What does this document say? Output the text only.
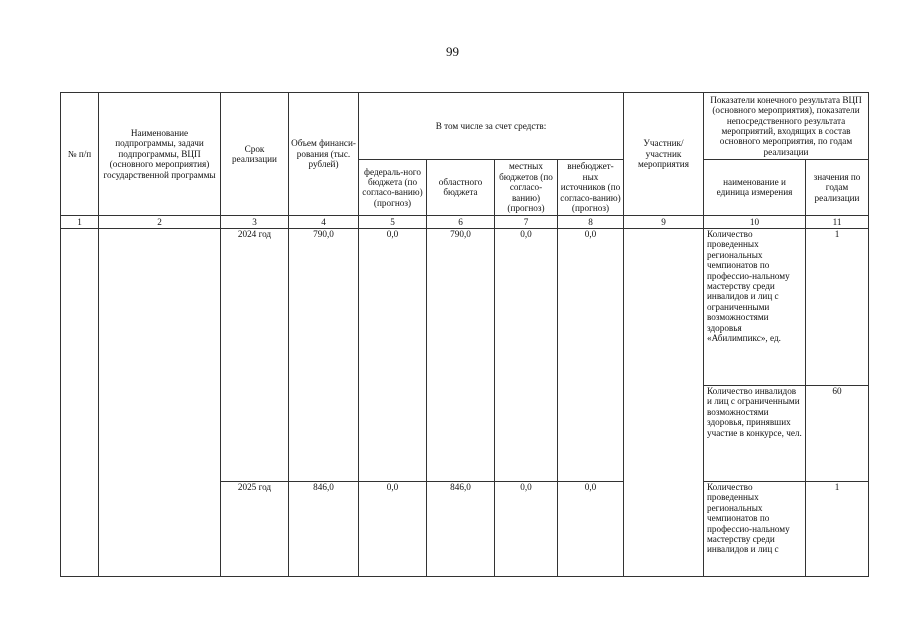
99
№ п/п	Наименование подпрограммы, задачи подпрограммы, ВЦП (основного мероприятия) государственной программы	Срок реализации	Объем финанси-рования (тыс. рублей)	В том числе за счет средств:				Участник/ участник мероприятия	Показатели конечного результата ВЦП (основного мероприятия), показатели непосредственного результата мероприятий, входящих в состав основного мероприятия, по годам реализации	
				федераль-ного бюджета (по согласо-ванию) (прогноз)	областного бюджета	местных бюджетов (по согласо-ванию) (прогноз)	внебюджет-ных источников (по согласо-ванию) (прогноз)		наименование и единица измерения	значения по годам реализации
1	2	3	4	5	6	7	8	9	10	11
		2024 год	790,0	0,0	790,0	0,0	0,0		Количество проведенных региональных чемпионатов по профессио-нальному мастерству среди инвалидов и лиц с ограниченными возможностями здоровья «Абилимпикс», ед.	1
									Количество инвалидов и лиц с ограниченными возможностями здоровья, принявших участие в конкурсе, чел.	60
		2025 год	846,0	0,0	846,0	0,0	0,0		Количество проведенных региональных чемпионатов по профессио-нальному мастерству среди инвалидов и лиц с	1
